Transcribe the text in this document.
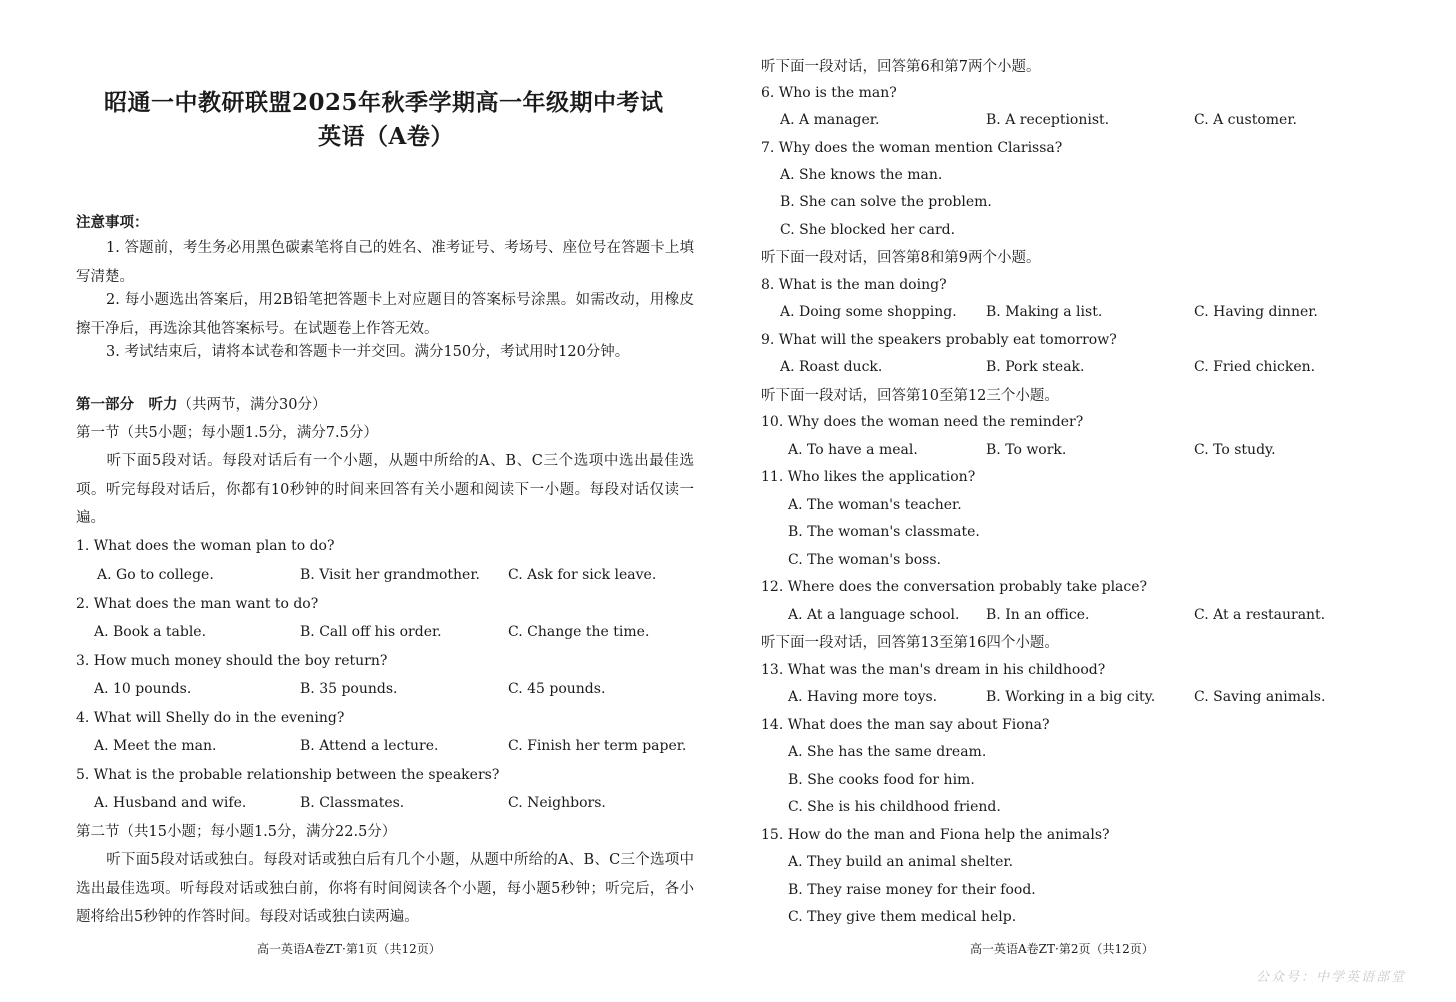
昭通一中教研联盟2025年秋季学期高一年级期中考试
英语（A卷）
注意事项：
1. 答题前，考生务必用黑色碳素笔将自己的姓名、准考证号、考场号、座位号在答题卡上填写清楚。
2. 每小题选出答案后，用2B铅笔把答题卡上对应题目的答案标号涂黑。如需改动，用橡皮擦干净后，再选涂其他答案标号。在试题卷上作答无效。
3. 考试结束后，请将本试卷和答题卡一并交回。满分150分，考试用时120分钟。
第一部分　听力（共两节，满分30分）
第一节（共5小题；每小题1.5分，满分7.5分）
听下面5段对话。每段对话后有一个小题，从题中所给的A、B、C三个选项中选出最佳选项。听完每段对话后，你都有10秒钟的时间来回答有关小题和阅读下一小题。每段对话仅读一遍。
1. What does the woman plan to do?
A. Go to college.	B. Visit her grandmother. C. Ask for sick leave.
2. What does the man want to do?
A. Book a table.	B. Call off his order.	C. Change the time.
3. How much money should the boy return?
A. 10 pounds.	B. 35 pounds.	C. 45 pounds.
4. What will Shelly do in the evening?
A. Meet the man.	B. Attend a lecture.	C. Finish her term paper.
5. What is the probable relationship between the speakers?
A. Husband and wife.	B. Classmates.	C. Neighbors.
第二节（共15小题；每小题1.5分，满分22.5分）
听下面5段对话或独白。每段对话或独白后有几个小题，从题中所给的A、B、C三个选项中选出最佳选项。听每段对话或独白前，你将有时间阅读各个小题，每小题5秒钟；听完后，各小题将给出5秒钟的作答时间。每段对话或独白读两遍。
高一英语A卷ZT·第1页（共12页）
听下面一段对话，回答第6和第7两个小题。
6. Who is the man?
A. A manager.	B. A receptionist.	C. A customer.
7. Why does the woman mention Clarissa?
A. She knows the man.
B. She can solve the problem.
C. She blocked her card.
听下面一段对话，回答第8和第9两个小题。
8. What is the man doing?
A. Doing some shopping. B. Making a list.	C. Having dinner.
9. What will the speakers probably eat tomorrow?
A. Roast duck.	B. Pork steak.	C. Fried chicken.
听下面一段对话，回答第10至第12三个小题。
10. Why does the woman need the reminder?
A. To have a meal.	B. To work.	C. To study.
11. Who likes the application?
A. The woman's teacher.
B. The woman's classmate.
C. The woman's boss.
12. Where does the conversation probably take place?
A. At a language school. B. In an office.	C. At a restaurant.
听下面一段对话，回答第13至第16四个小题。
13. What was the man's dream in his childhood?
A. Having more toys.	B. Working in a big city.	C. Saving animals.
14. What does the man say about Fiona?
A. She has the same dream.
B. She cooks food for him.
C. She is his childhood friend.
15. How do the man and Fiona help the animals?
A. They build an animal shelter.
B. They raise money for their food.
C. They give them medical help.
高一英语A卷ZT·第2页（共12页）
公众号：中学英语部堂
